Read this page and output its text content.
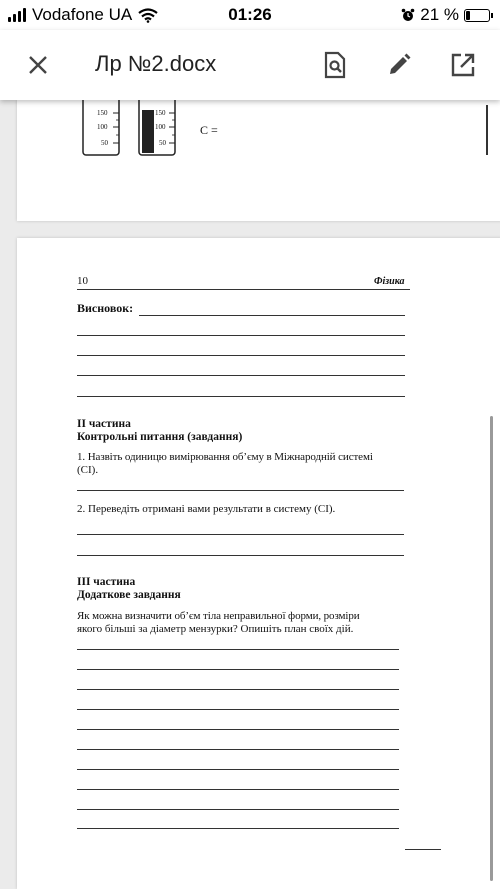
Vodafone UA	01:26	21 %
Лр №2.docx
150
100
50
150
100
50
C =
10	Фізика
Висновок:
II частина
Контрольні питання (завдання)
1. Назвіть одиницю вимірювання об’єму в Міжнародній системі
(СІ).
2. Переведіть отримані вами результати в систему (СІ).
III частина
Додаткове завдання
Як можна визначити об’єм тіла неправильної форми, розміри
якого більші за діаметр мензурки? Опишіть план своїх дій.
